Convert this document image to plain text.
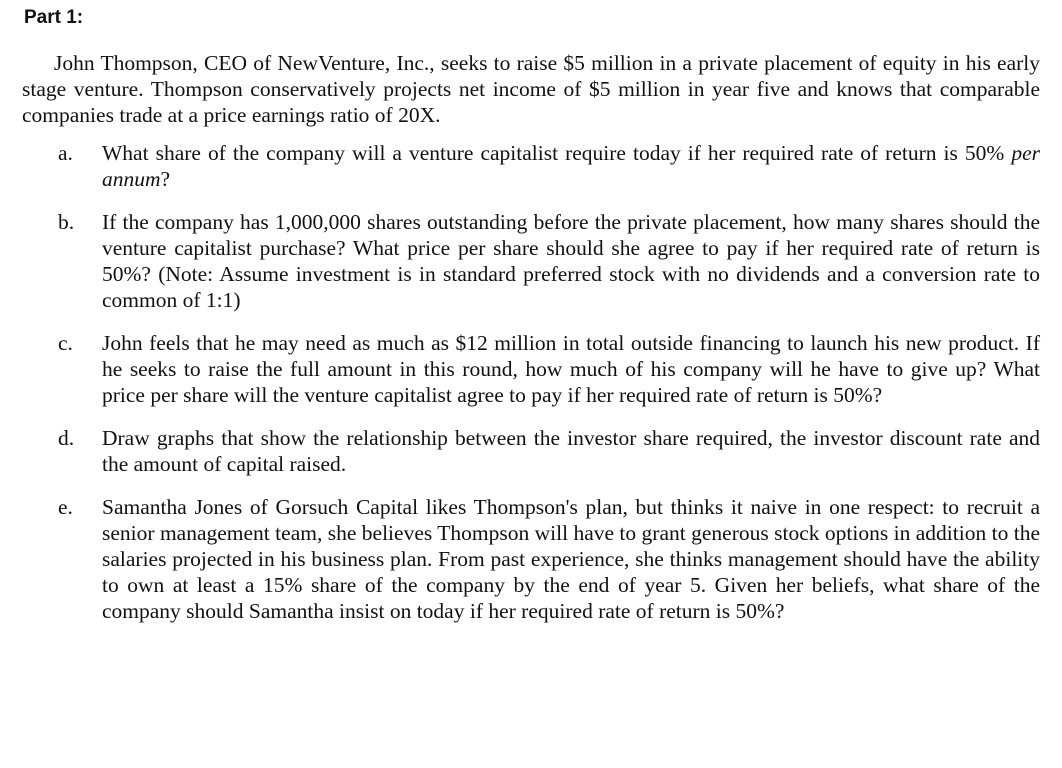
Part 1:

John Thompson, CEO of NewVenture, Inc., seeks to raise $5 million in a private placement of equity in his early stage venture. Thompson conservatively projects net income of $5 million in year five and knows that comparable companies trade at a price earnings ratio of 20X.

a.	What share of the company will a venture capitalist require today if her required rate of return is 50% per annum?

b.	If the company has 1,000,000 shares outstanding before the private placement, how many shares should the venture capitalist purchase? What price per share should she agree to pay if her required rate of return is 50%? (Note: Assume investment is in standard preferred stock with no dividends and a conversion rate to common of 1:1)

c.	John feels that he may need as much as $12 million in total outside financing to launch his new product. If he seeks to raise the full amount in this round, how much of his company will he have to give up? What price per share will the venture capitalist agree to pay if her required rate of return is 50%?

d.	Draw graphs that show the relationship between the investor share required, the investor discount rate and the amount of capital raised.

e.	Samantha Jones of Gorsuch Capital likes Thompson's plan, but thinks it naive in one respect: to recruit a senior management team, she believes Thompson will have to grant generous stock options in addition to the salaries projected in his business plan. From past experience, she thinks management should have the ability to own at least a 15% share of the company by the end of year 5. Given her beliefs, what share of the company should Samantha insist on today if her required rate of return is 50%?
